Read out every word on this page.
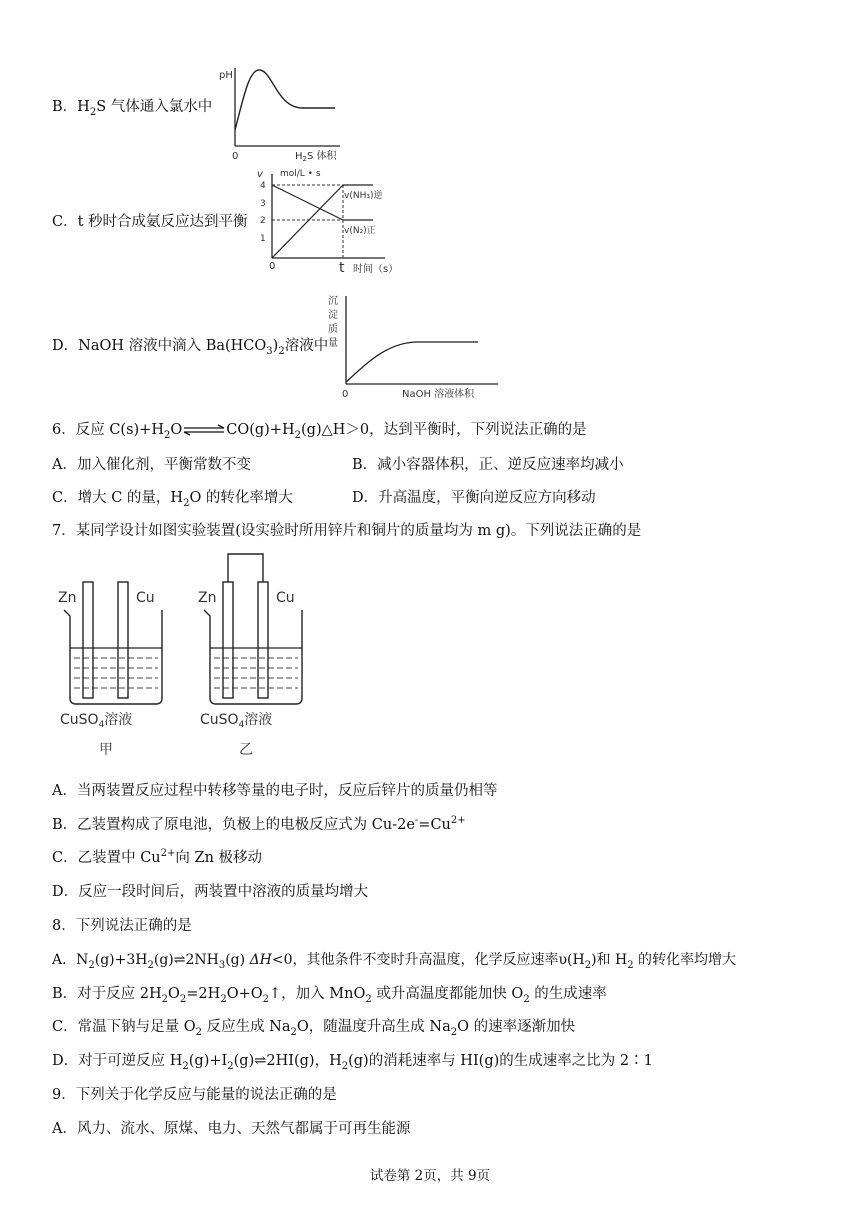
B．$H_2S$ 气体通入氯水中
pH
0	$H_2S$ 体积
C．t 秒时合成氨反应达到平衡
v mol/L • s
4
3
2
1
v(NH₃)逆
v(N₂)正
0	t 时间（s）
D．NaOH 溶液中滴入 $Ba(HCO_3)_2$溶液中
沉
淀
质
量
0	NaOH 溶液体积
6．反应 $C(s)+H_2O\rightleftharpoons CO(g)+H_2(g)\triangle H>0$，达到平衡时，下列说法正确的是
A．加入催化剂，平衡常数不变	B．减小容器体积，正、逆反应速率均减小
C．增大 C 的量，$H_2O$ 的转化率增大	D．升高温度，平衡向逆反应方向移动
7．某同学设计如图实验装置(设实验时所用锌片和铜片的质量均为 m g)。下列说法正确的是
Zn	Cu
CuSO$_4$溶液
甲
Zn	Cu
CuSO$_4$溶液
乙
A．当两装置反应过程中转移等量的电子时，反应后锌片的质量仍相等
B．乙装置构成了原电池，负极上的电极反应式为 $Cu-2e^-=Cu^{2+}$
C．乙装置中 $Cu^{2+}$向 Zn 极移动
D．反应一段时间后，两装置中溶液的质量均增大
8．下列说法正确的是
A．$N_2(g)+3H_2(g)\rightleftharpoons 2NH_3(g)$ ΔH<0，其他条件不变时升高温度，化学反应速率$\upsilon(H_2)$和 $H_2$ 的转化率均增大
B．对于反应 $2H_2O_2=2H_2O+O_2↑$，加入 MnO$_2$ 或升高温度都能加快 $O_2$ 的生成速率
C．常温下钠与足量 $O_2$ 反应生成 $Na_2O$，随温度升高生成 $Na_2O$ 的速率逐渐加快
D．对于可逆反应 $H_2(g)+I_2(g)\rightleftharpoons 2HI(g)$，$H_2(g)$的消耗速率与 HI(g)的生成速率之比为 2∶1
9．下列关于化学反应与能量的说法正确的是
A．风力、流水、原煤、电力、天然气都属于可再生能源
试卷第 2页，共 9页
